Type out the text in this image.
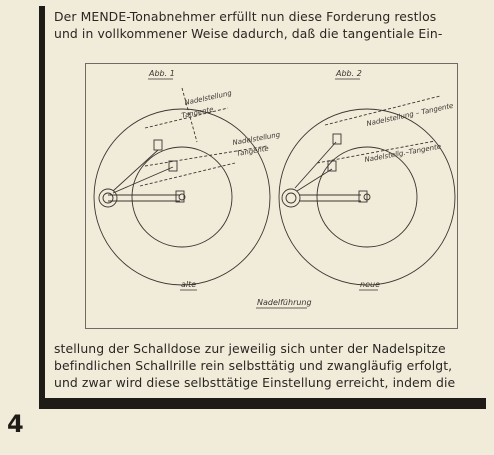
Der MENDE-Tonabnehmer erfüllt nun diese Forderung restlos
und in vollkommener Weise dadurch, daß die tangentiale Ein-
Abb. 1	Abb. 2
Nadelstellung
Tangente
Nadelstellung
Tangente
Nadelstellung – Tangente
Nadelstellg.–Tangente
alte	neue
Nadelführung
stellung der Schalldose zur jeweilig sich unter der Nadelspitze
befindlichen Schallrille rein selbsttätig und zwangläufig erfolgt,
und zwar wird diese selbsttätige Einstellung erreicht, indem die
4
